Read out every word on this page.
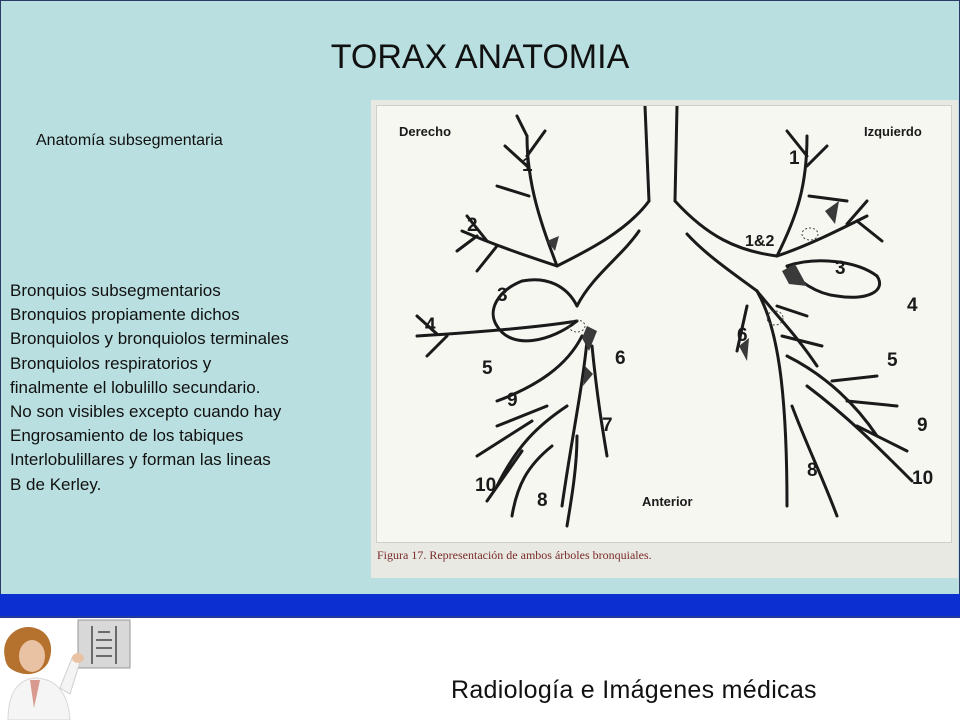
TORAX ANATOMIA
Anatomía subsegmentaria
Bronquios subsegmentarios
Bronquios propiamente dichos
Bronquiolos y bronquiolos terminales
Bronquiolos respiratorios y
finalmente el lobulillo secundario.
No son visibles excepto cuando hay
Engrosamiento de los tabiques
Interlobulillares y forman las lineas
B de Kerley.
Derecho	Izquierdo
Anterior
1
2
3
4
5	6
7
8
9
10
1
1&2
3
4
5
6
8
9
10
Figura 17. Representación de ambos árboles bronquiales.
Radiología e Imágenes médicas
